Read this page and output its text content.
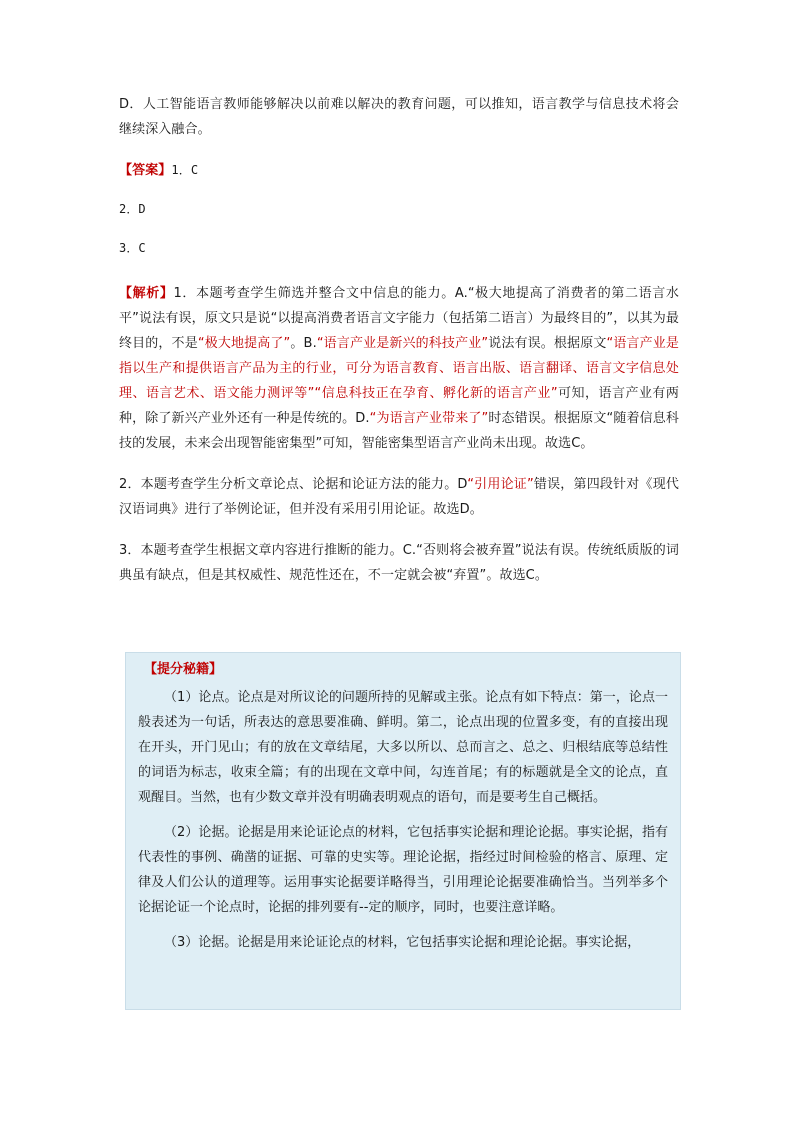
D．人工智能语言教师能够解决以前难以解决的教育问题，可以推知，语言教学与信息技术将会继续深入融合。

【答案】1．C

2．D

3．C

【解析】1．本题考查学生筛选并整合文中信息的能力。A.“极大地提高了消费者的第二语言水平”说法有误，原文只是说“以提高消费者语言文字能力（包括第二语言）为最终目的”，以其为最终目的，不是“极大地提高了”。B.“语言产业是新兴的科技产业”说法有误。根据原文“语言产业是指以生产和提供语言产品为主的行业，可分为语言教育、语言出版、语言翻译、语言文字信息处理、语言艺术、语文能力测评等”“信息科技正在孕育、孵化新的语言产业”可知，语言产业有两种，除了新兴产业外还有一种是传统的。D.“为语言产业带来了”时态错误。根据原文“随着信息科技的发展，未来会出现智能密集型”可知，智能密集型语言产业尚未出现。故选C。

2．本题考查学生分析文章论点、论据和论证方法的能力。D“引用论证”错误，第四段针对《现代汉语词典》进行了举例论证，但并没有采用引用论证。故选D。

3．本题考查学生根据文章内容进行推断的能力。C.“否则将会被弃置”说法有误。传统纸质版的词典虽有缺点，但是其权威性、规范性还在，不一定就会被“弃置”。故选C。

【提分秘籍】

（1）论点。论点是对所议论的问题所持的见解或主张。论点有如下特点：第一，论点一般表述为一句话，所表达的意思要准确、鲜明。第二，论点出现的位置多变，有的直接出现在开头，开门见山；有的放在文章结尾，大多以所以、总而言之、总之、归根结底等总结性的词语为标志，收束全篇；有的出现在文章中间，勾连首尾；有的标题就是全文的论点，直观醒目。当然，也有少数文章并没有明确表明观点的语句，而是要考生自己概括。

（2）论据。论据是用来论证论点的材料，它包括事实论据和理论论据。事实论据，指有代表性的事例、确凿的证据、可靠的史实等。理论论据，指经过时间检验的格言、原理、定律及人们公认的道理等。运用事实论据要详略得当，引用理论论据要准确恰当。当列举多个论据论证一个论点时，论据的排列要有--定的顺序，同时，也要注意详略。

（3）论据。论据是用来论证论点的材料，它包括事实论据和理论论据。事实论据，
